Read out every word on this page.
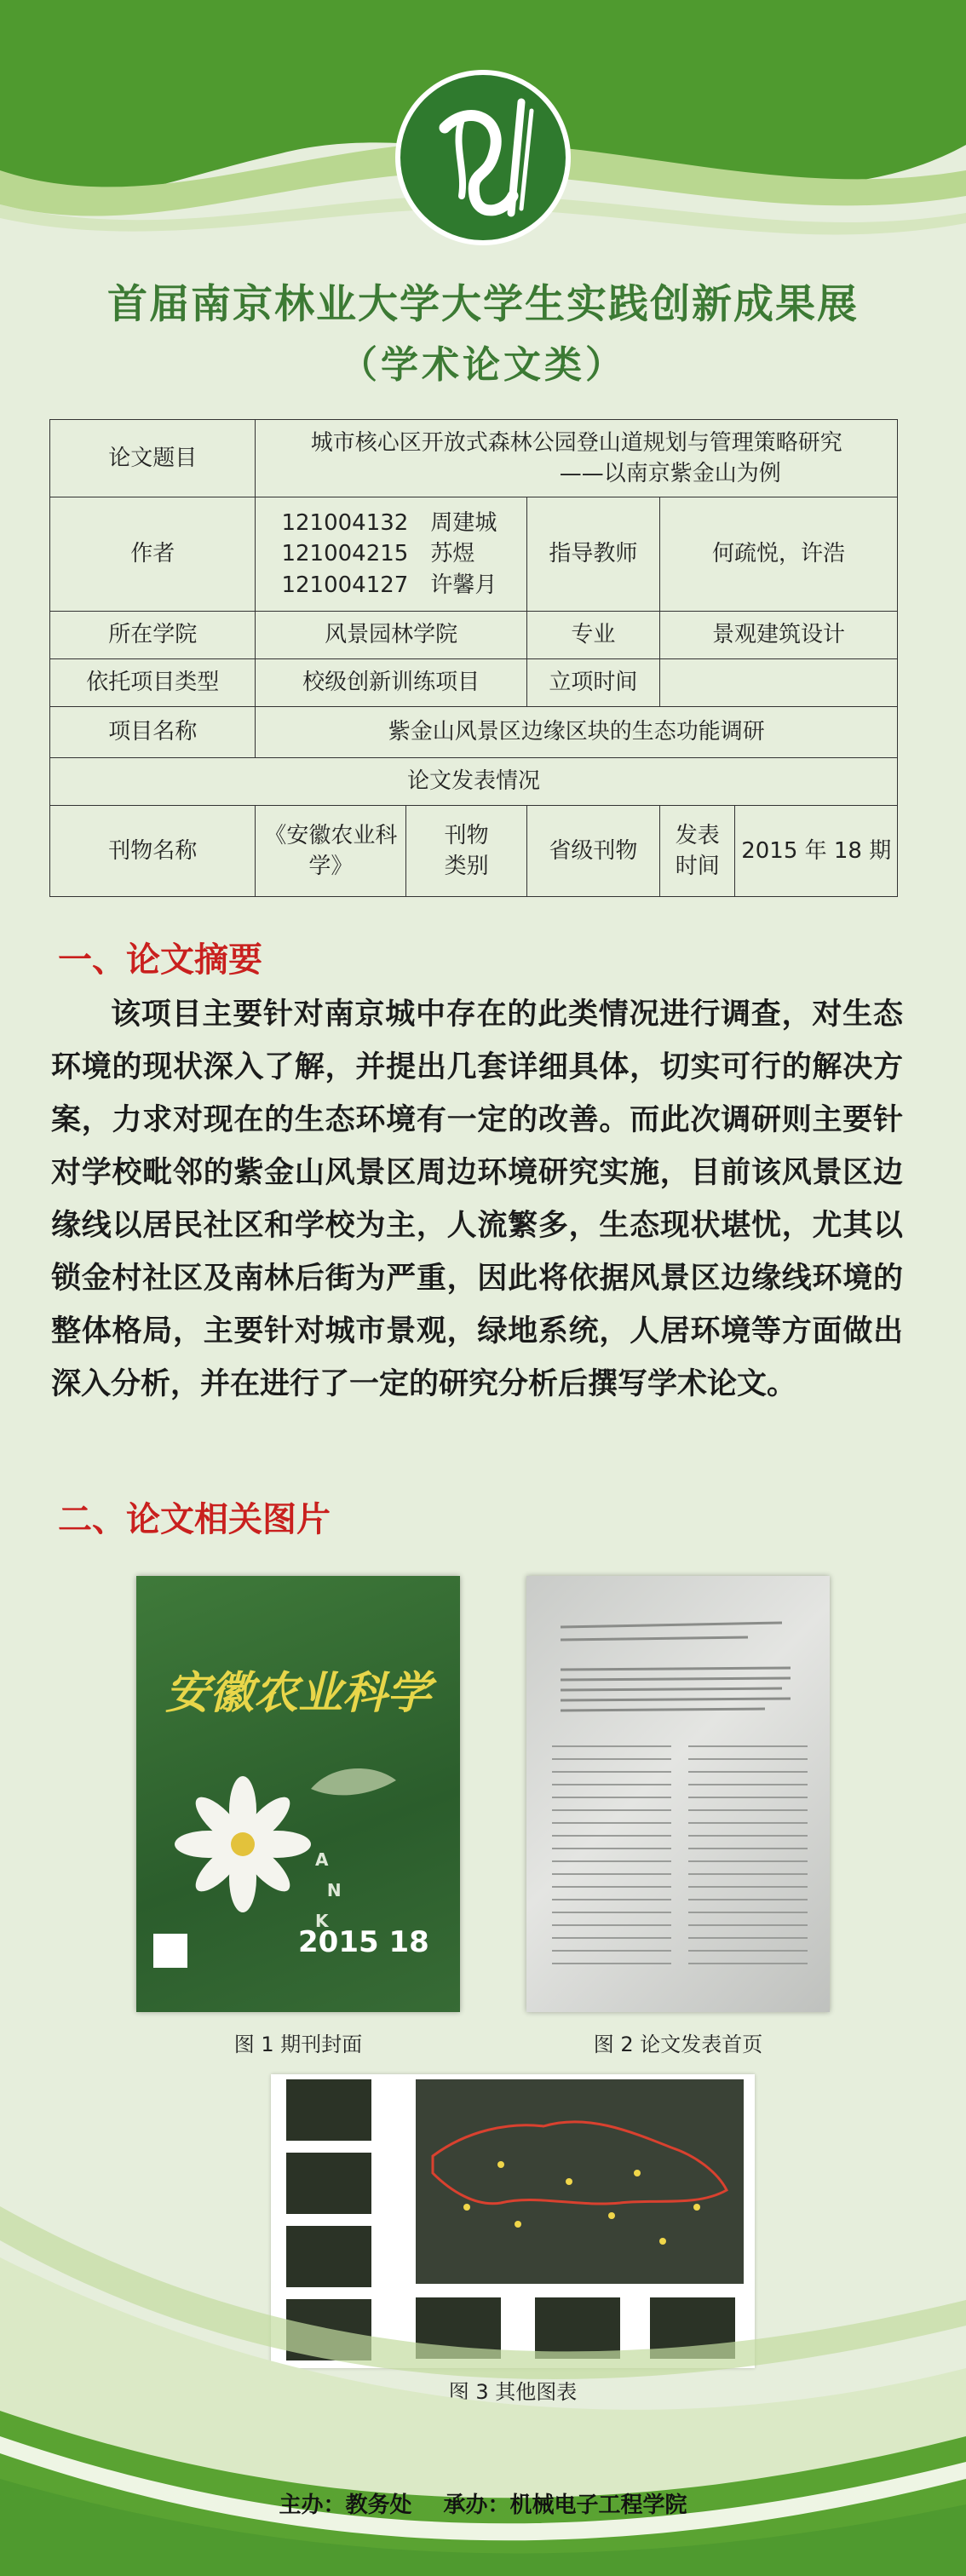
首届南京林业大学大学生实践创新成果展
（学术论文类）
论文题目	城市核心区开放式森林公园登山道规划与管理策略研究
——以南京紫金山为例				

作者	121004132　周建城
121004215　苏煜
121004127　许馨月		指导教师	何疏悦，许浩	
所在学院	风景园林学院		专业	景观建筑设计	
依托项目类型	校级创新训练项目		立项时间		
项目名称	紫金山风景区边缘区块的生态功能调研				
论文发表情况					
刊物名称	《安徽农业科学》	刊物类别	省级刊物	发表时间	2015 年 18 期
一、论文摘要

该项目主要针对南京城中存在的此类情况进行调查，对生态环境的现状深入了解，并提出几套详细具体，切实可行的解决方案，力求对现在的生态环境有一定的改善。而此次调研则主要针对学校毗邻的紫金山风景区周边环境研究实施，目前该风景区边缘线以居民社区和学校为主，人流繁多，生态现状堪忧，尤其以锁金村社区及南林后街为严重，因此将依据风景区边缘线环境的整体格局，主要针对城市景观，绿地系统，人居环境等方面做出深入分析，并在进行了一定的研究分析后撰写学术论文。

二、论文相关图片
安徽农业科学
A
N
K
2015 18
图 1 期刊封面	图 2 论文发表首页
图 3 其他图表
主办：教务处 承办：机械电子工程学院
